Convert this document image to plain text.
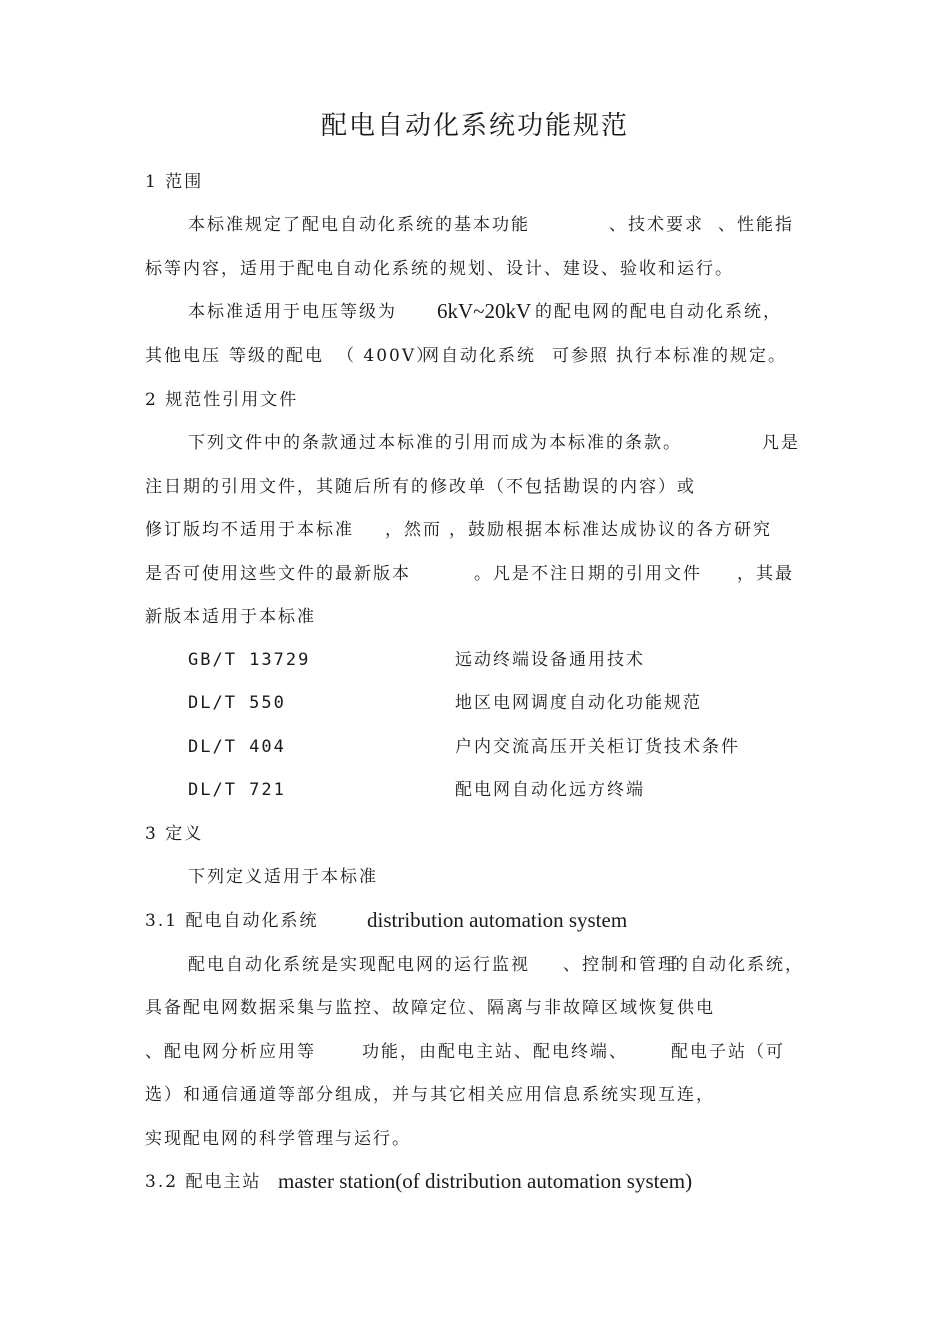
配电自动化系统功能规范
1 范围
本标准规定了配电自动化系统的基本功能	、技术要求 、性能指
标等内容，适用于配电自动化系统的规划、设计、建设、验收和运行。
本标准适用于电压等级为 6kV~20kV 的配电网的配电自动化系统，
其他电压 等级的配电 （ 400V）
网自动化系统 可参照 执行本标准的规定。
2 规范性引用文件
下列文件中的条款通过本标准的引用而成为本标准的条款。	凡是
注日期的引用文件，其随后所有的修改单（不包括勘误的内容）或
修订版均不适用于本标准 ，然而 ，鼓励根据本标准达成协议的各方研究
是否可使用这些文件的最新版本	。凡是不注日期的引用文件 ，其最
新版本适用于本标准
GB/T 13729	远动终端设备通用技术
DL/T 550	地区电网调度自动化功能规范
DL/T 404	户内交流高压开关柜订货技术条件
DL/T 721	配电网自动化远方终端
3 定义
下列定义适用于本标准
3.1 配电自动化系统 distribution automation system
配电自动化系统是实现配电网的运行监视 、控制和管理
的自动化系统，
具备配电网数据采集与监控、故障定位、隔离与非故障区域恢复供电
、配电网分析应用等	功能，由配电主站、配电终端、	配电子站（可
选）和通信通道等部分组成，并与其它相关应用信息系统实现互连，
实现配电网的科学管理与运行。
3.2 配电主站 master station(of distribution automation system)
